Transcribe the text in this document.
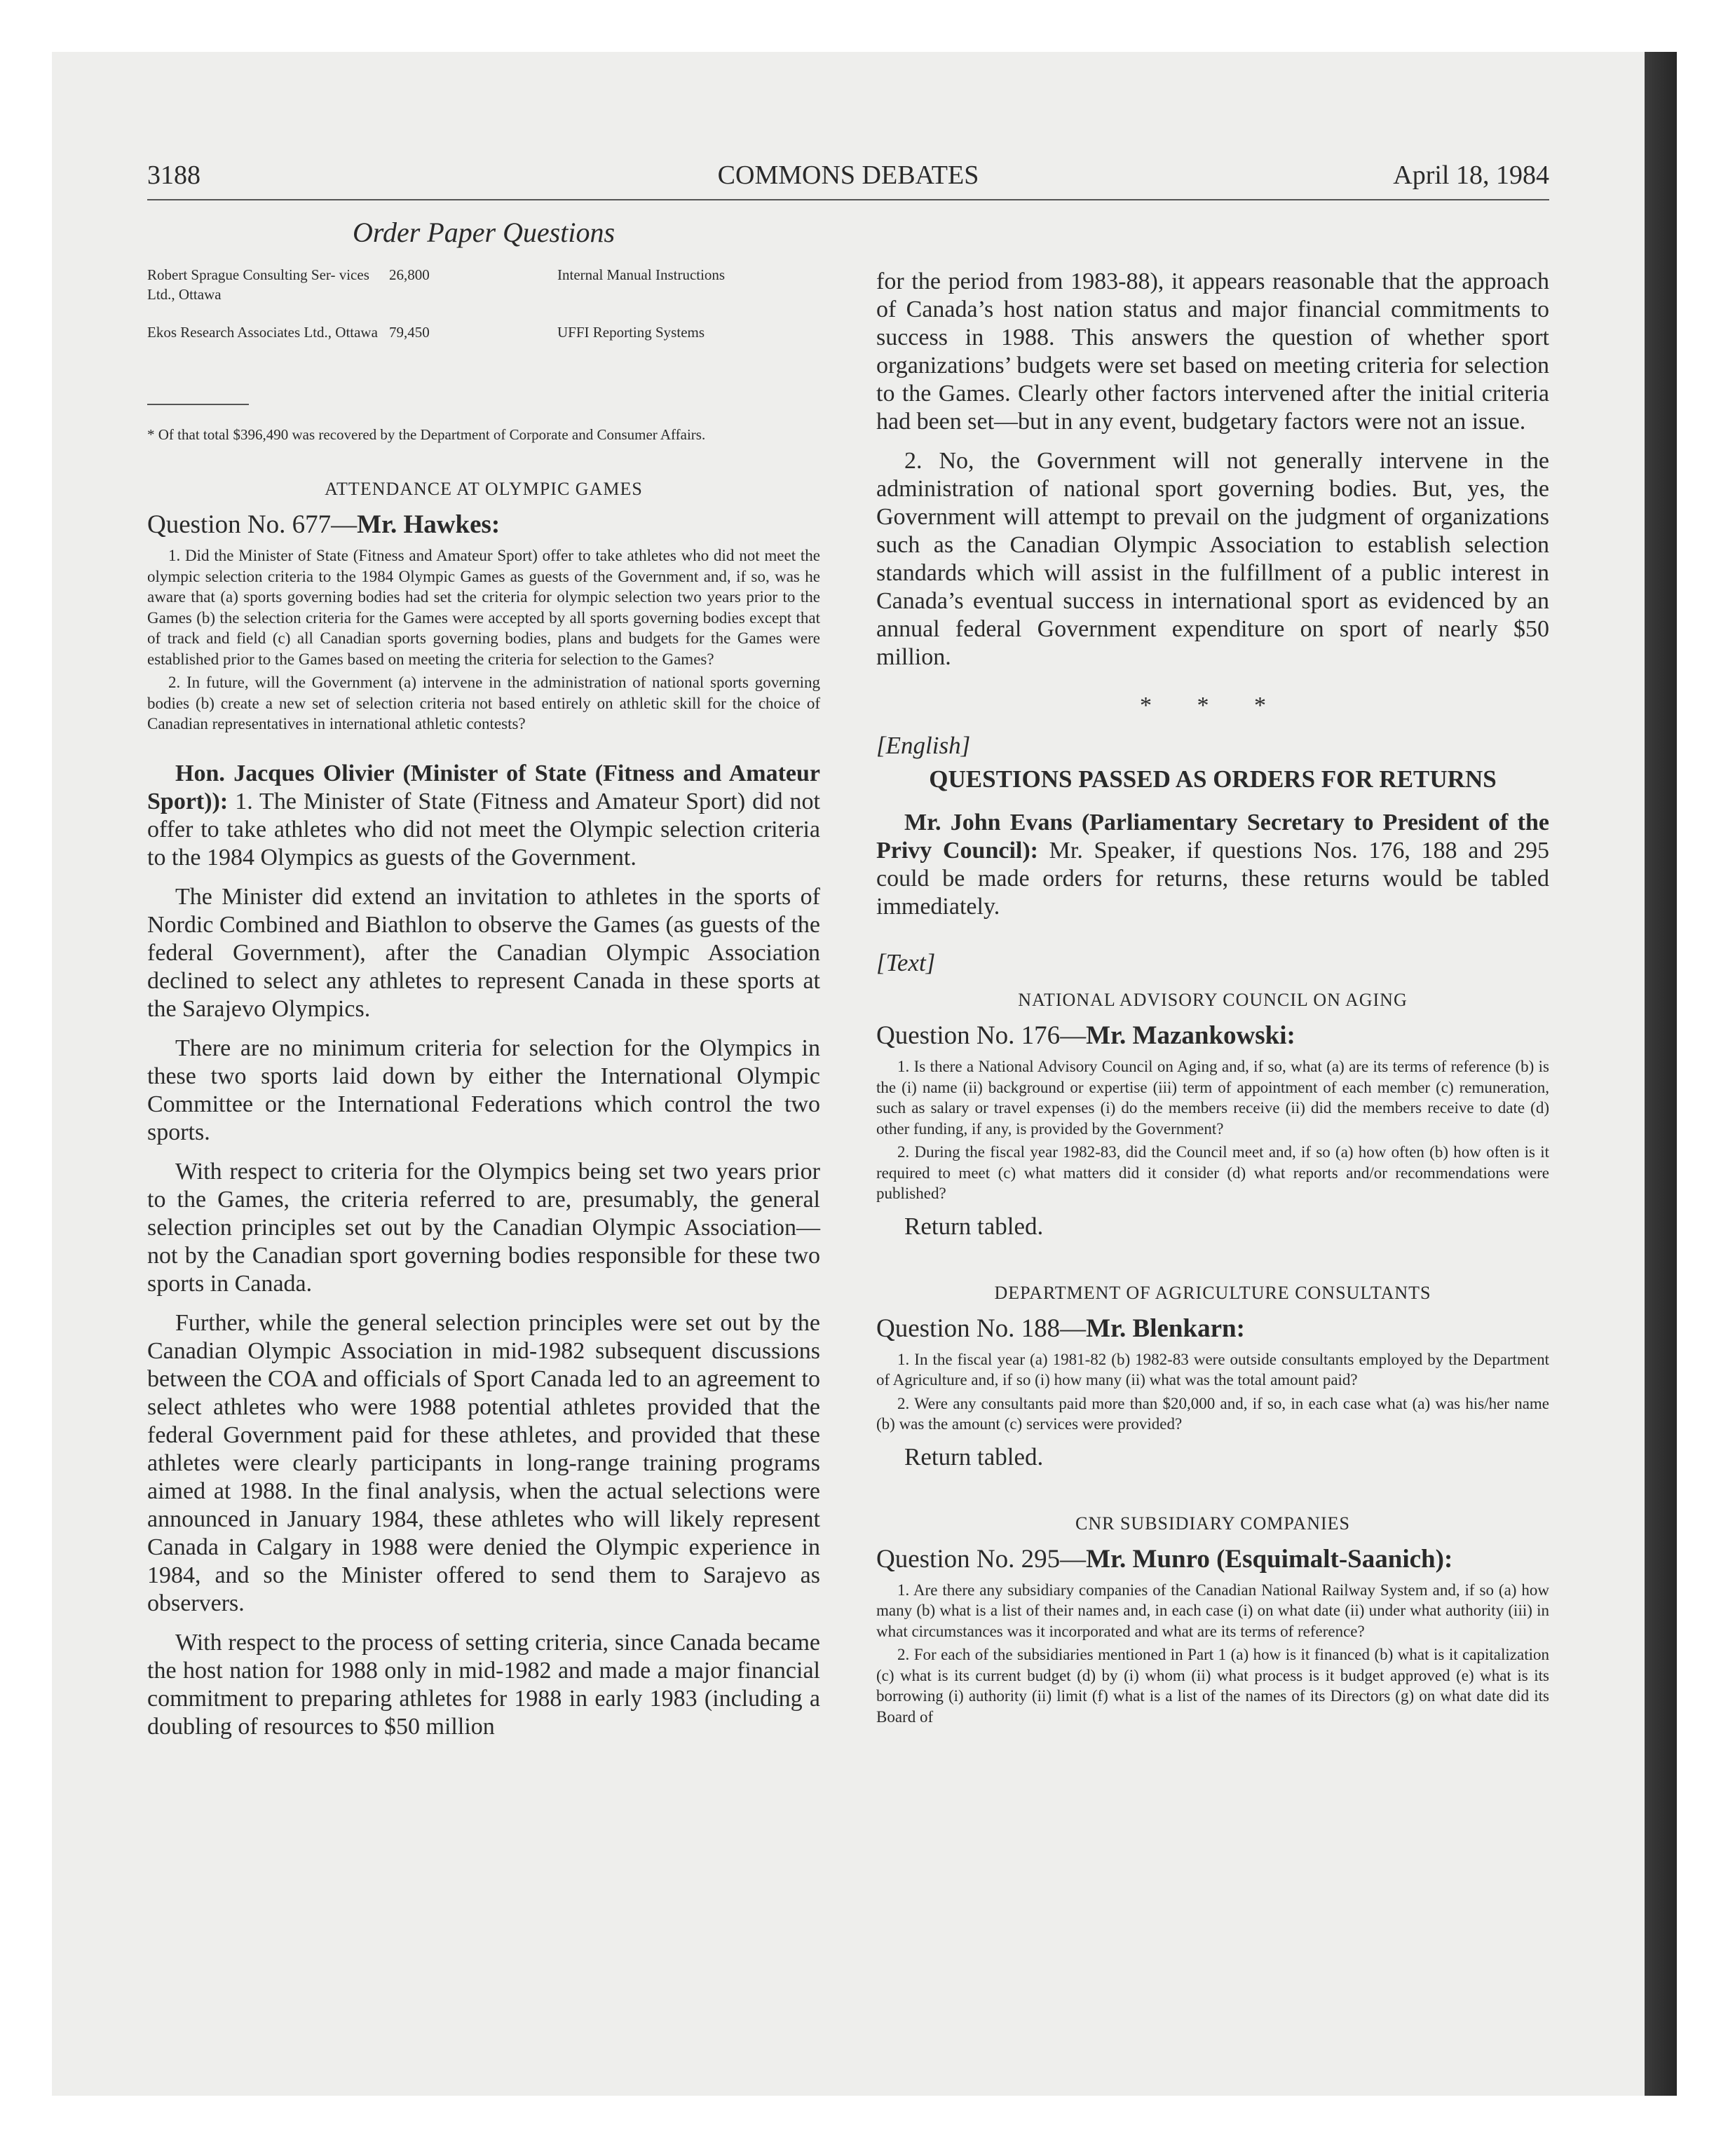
3188	COMMONS DEBATES	April 18, 1984
Order Paper Questions
Robert Sprague Consulting Ser- vices Ltd., Ottawa
26,800	Internal Manual Instructions
Ekos Research Associates Ltd., Ottawa 79,450	UFFI Reporting Systems

* Of that total $396,490 was recovered by the Department of Corporate and Consumer Affairs.

ATTENDANCE AT OLYMPIC GAMES

Question No. 677—Mr. Hawkes:

1. Did the Minister of State (Fitness and Amateur Sport) offer to take athletes who did not meet the olympic selection criteria to the 1984 Olympic Games as guests of the Government and, if so, was he aware that (a) sports governing bodies had set the criteria for olympic selection two years prior to the Games (b) the selection criteria for the Games were accepted by all sports governing bodies except that of track and field (c) all Canadian sports governing bodies, plans and budgets for the Games were established prior to the Games based on meeting the criteria for selection to the Games?

2. In future, will the Government (a) intervene in the administration of national sports governing bodies (b) create a new set of selection criteria not based entirely on athletic skill for the choice of Canadian representatives in international athletic contests?

Hon. Jacques Olivier (Minister of State (Fitness and Amateur Sport)): 1. The Minister of State (Fitness and Amateur Sport) did not offer to take athletes who did not meet the Olympic selection criteria to the 1984 Olympics as guests of the Government.

The Minister did extend an invitation to athletes in the sports of Nordic Combined and Biathlon to observe the Games (as guests of the federal Government), after the Canadian Olympic Association declined to select any athletes to represent Canada in these sports at the Sarajevo Olympics.

There are no minimum criteria for selection for the Olympics in these two sports laid down by either the International Olympic Committee or the International Federations which control the two sports.

With respect to criteria for the Olympics being set two years prior to the Games, the criteria referred to are, presumably, the general selection principles set out by the Canadian Olympic Association—not by the Canadian sport governing bodies responsible for these two sports in Canada.

Further, while the general selection principles were set out by the Canadian Olympic Association in mid-1982 subsequent discussions between the COA and officials of Sport Canada led to an agreement to select athletes who were 1988 potential athletes provided that the federal Government paid for these athletes, and provided that these athletes were clearly participants in long-range training programs aimed at 1988. In the final analysis, when the actual selections were announced in January 1984, these athletes who will likely represent Canada in Calgary in 1988 were denied the Olympic experience in 1984, and so the Minister offered to send them to Sarajevo as observers.

With respect to the process of setting criteria, since Canada became the host nation for 1988 only in mid-1982 and made a major financial commitment to preparing athletes for 1988 in early 1983 (including a doubling of resources to $50 million

for the period from 1983-88), it appears reasonable that the approach of Canada’s host nation status and major financial commitments to success in 1988. This answers the question of whether sport organizations’ budgets were set based on meeting criteria for selection to the Games. Clearly other factors intervened after the initial criteria had been set—but in any event, budgetary factors were not an issue.

2. No, the Government will not generally intervene in the administration of national sport governing bodies. But, yes, the Government will attempt to prevail on the judgment of organizations such as the Canadian Olympic Association to establish selection standards which will assist in the fulfillment of a public interest in Canada’s eventual success in international sport as evidenced by an annual federal Government expenditure on sport of nearly $50 million.

* * *

[English]

QUESTIONS PASSED AS ORDERS FOR RETURNS

Mr. John Evans (Parliamentary Secretary to President of the Privy Council): Mr. Speaker, if questions Nos. 176, 188 and 295 could be made orders for returns, these returns would be tabled immediately.

[Text]

NATIONAL ADVISORY COUNCIL ON AGING

Question No. 176—Mr. Mazankowski:

1. Is there a National Advisory Council on Aging and, if so, what (a) are its terms of reference (b) is the (i) name (ii) background or expertise (iii) term of appointment of each member (c) remuneration, such as salary or travel expenses (i) do the members receive (ii) did the members receive to date (d) other funding, if any, is provided by the Government?

2. During the fiscal year 1982-83, did the Council meet and, if so (a) how often (b) how often is it required to meet (c) what matters did it consider (d) what reports and/or recommendations were published?

Return tabled.

DEPARTMENT OF AGRICULTURE CONSULTANTS

Question No. 188—Mr. Blenkarn:

1. In the fiscal year (a) 1981-82 (b) 1982-83 were outside consultants employed by the Department of Agriculture and, if so (i) how many (ii) what was the total amount paid?

2. Were any consultants paid more than $20,000 and, if so, in each case what (a) was his/her name (b) was the amount (c) services were provided?

Return tabled.

CNR SUBSIDIARY COMPANIES

Question No. 295—Mr. Munro (Esquimalt-Saanich):

1. Are there any subsidiary companies of the Canadian National Railway System and, if so (a) how many (b) what is a list of their names and, in each case (i) on what date (ii) under what authority (iii) in what circumstances was it incorporated and what are its terms of reference?

2. For each of the subsidiaries mentioned in Part 1 (a) how is it financed (b) what is it capitalization (c) what is its current budget (d) by (i) whom (ii) what process is it budget approved (e) what is its borrowing (i) authority (ii) limit (f) what is a list of the names of its Directors (g) on what date did its Board of
